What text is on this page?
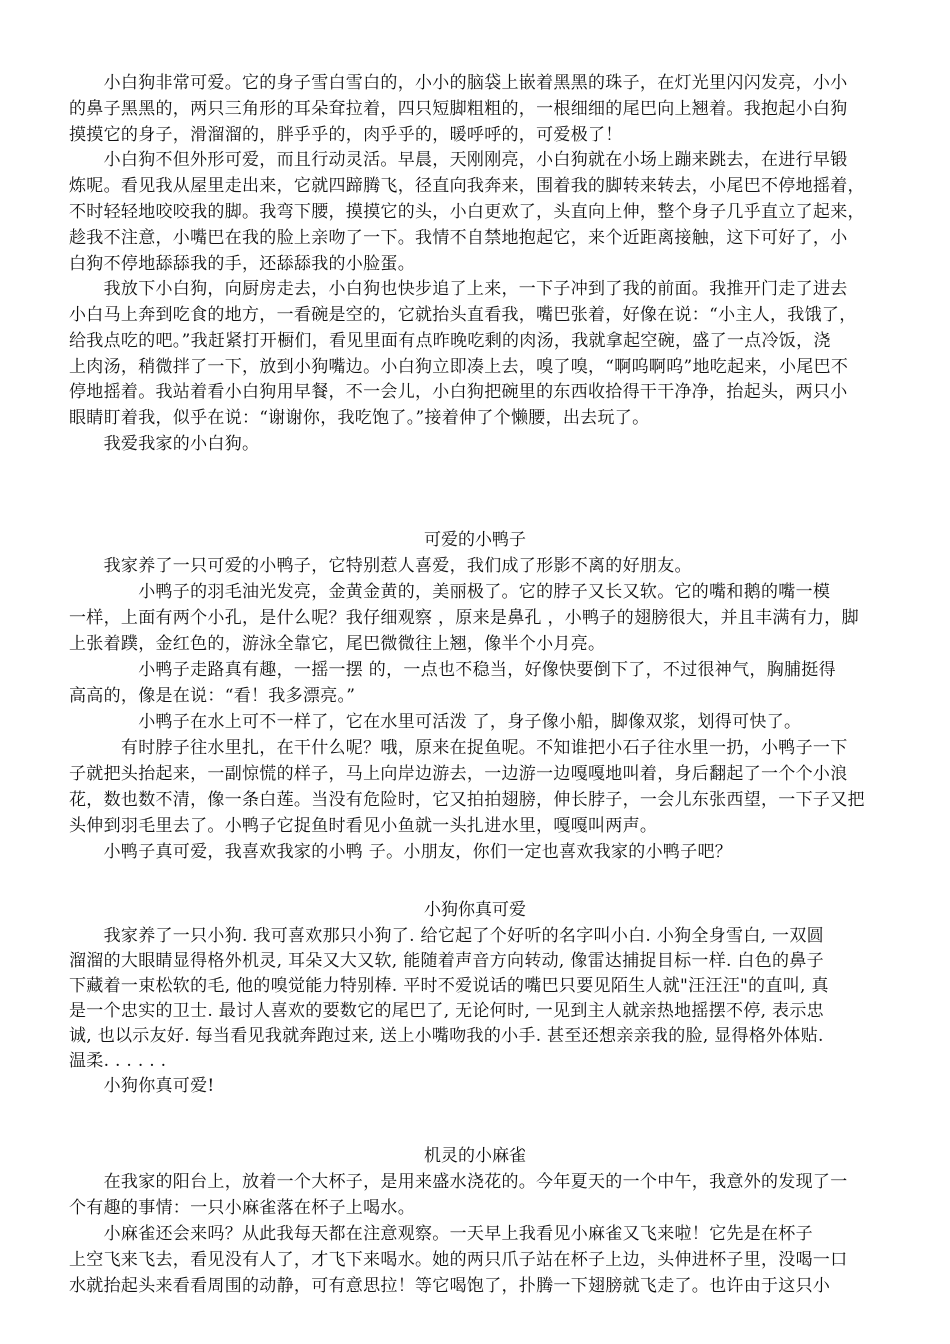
　　小白狗非常可爱。它的身子雪白雪白的，小小的脑袋上嵌着黑黑的珠子，在灯光里闪闪发亮，小小
的鼻子黑黑的，两只三角形的耳朵耷拉着，四只短脚粗粗的，一根细细的尾巴向上翘着。我抱起小白狗
摸摸它的身子，滑溜溜的，胖乎乎的，肉乎乎的，暖呼呼的，可爱极了！
　　小白狗不但外形可爱，而且行动灵活。早晨，天刚刚亮，小白狗就在小场上蹦来跳去，在进行早锻
炼呢。看见我从屋里走出来，它就四蹄腾飞，径直向我奔来，围着我的脚转来转去，小尾巴不停地摇着，
不时轻轻地咬咬我的脚。我弯下腰，摸摸它的头，小白更欢了，头直向上伸，整个身子几乎直立了起来，
趁我不注意，小嘴巴在我的脸上亲吻了一下。我情不自禁地抱起它，来个近距离接触，这下可好了，小
白狗不停地舔舔我的手，还舔舔我的小脸蛋。
　　我放下小白狗，向厨房走去，小白狗也快步追了上来，一下子冲到了我的前面。我推开门走了进去
小白马上奔到吃食的地方，一看碗是空的，它就抬头直看我，嘴巴张着，好像在说：“小主人，我饿了，
给我点吃的吧。”我赶紧打开橱们，看见里面有点昨晚吃剩的肉汤，我就拿起空碗，盛了一点冷饭，浇
上肉汤，稍微拌了一下，放到小狗嘴边。小白狗立即凑上去，嗅了嗅，“啊呜啊呜”地吃起来，小尾巴不
停地摇着。我站着看小白狗用早餐，不一会儿，小白狗把碗里的东西收拾得干干净净，抬起头，两只小
眼睛盯着我，似乎在说：“谢谢你，我吃饱了。”接着伸了个懒腰，出去玩了。
　　我爱我家的小白狗。
可爱的小鸭子
　　我家养了一只可爱的小鸭子，它特别惹人喜爱，我们成了形影不离的好朋友。
　　　　小鸭子的羽毛油光发亮，金黄金黄的，美丽极了。它的脖子又长又软。它的嘴和鹅的嘴一模
一样，上面有两个小孔，是什么呢？我仔细观察 ，原来是鼻孔 ，小鸭子的翅膀很大，并且丰满有力，脚
上张着蹼，金红色的，游泳全靠它，尾巴微微往上翘，像半个小月亮。
　　　　小鸭子走路真有趣，一摇一摆 的，一点也不稳当，好像快要倒下了，不过很神气，胸脯挺得
高高的，像是在说：“看！我多漂亮。”
　　　　小鸭子在水上可不一样了，它在水里可活泼 了，身子像小船，脚像双浆，划得可快了。
　　　有时脖子往水里扎，在干什么呢？哦，原来在捉鱼呢。不知谁把小石子往水里一扔，小鸭子一下
子就把头抬起来，一副惊慌的样子，马上向岸边游去，一边游一边嘎嘎地叫着，身后翻起了一个个小浪
花，数也数不清，像一条白莲。当没有危险时，它又拍拍翅膀，伸长脖子，一会儿东张西望，一下子又把
头伸到羽毛里去了。小鸭子它捉鱼时看见小鱼就一头扎进水里，嘎嘎叫两声。
　　小鸭子真可爱，我喜欢我家的小鸭 子。小朋友，你们一定也喜欢我家的小鸭子吧？
小狗你真可爱
　　我家养了一只小狗. 我可喜欢那只小狗了. 给它起了个好听的名字叫小白. 小狗全身雪白, 一双圆
溜溜的大眼睛显得格外机灵, 耳朵又大又软, 能随着声音方向转动, 像雷达捕捉目标一样. 白色的鼻子
下藏着一束松软的毛, 他的嗅觉能力特别棒. 平时不爱说话的嘴巴只要见陌生人就"汪汪汪"的直叫, 真
是一个忠实的卫士. 最讨人喜欢的要数它的尾巴了, 无论何时, 一见到主人就亲热地摇摆不停, 表示忠
诚, 也以示友好. 每当看见我就奔跑过来, 送上小嘴吻我的小手. 甚至还想亲亲我的脸, 显得格外体贴.
温柔. . . . . .
　　小狗你真可爱!
机灵的小麻雀
　　在我家的阳台上，放着一个大杯子，是用来盛水浇花的。今年夏天的一个中午，我意外的发现了一
个有趣的事情：一只小麻雀落在杯子上喝水。
　　小麻雀还会来吗？从此我每天都在注意观察。一天早上我看见小麻雀又飞来啦！它先是在杯子
上空飞来飞去，看见没有人了，才飞下来喝水。她的两只爪子站在杯子上边，头伸进杯子里，没喝一口
水就抬起头来看看周围的动静，可有意思拉！等它喝饱了，扑腾一下翅膀就飞走了。也许由于这只小
